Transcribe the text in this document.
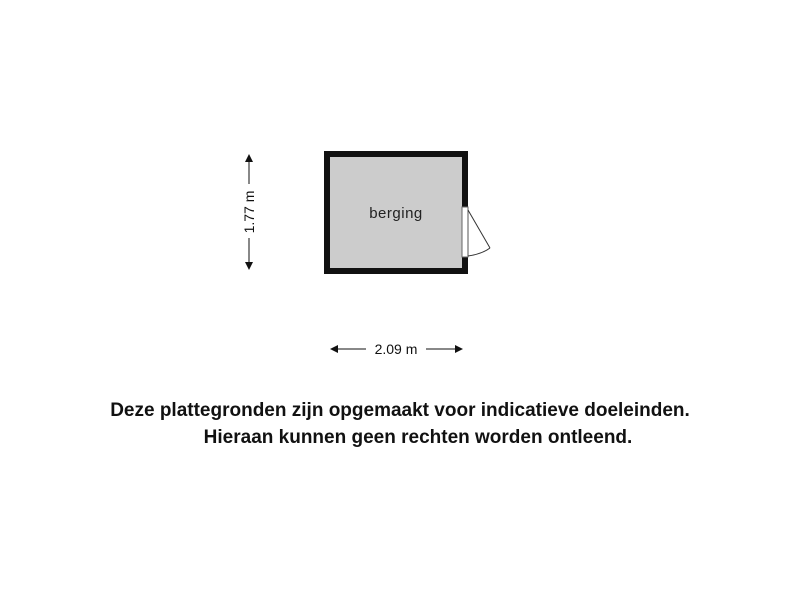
berging
1.77 m
2.09 m
Deze plattegronden zijn opgemaakt voor indicatieve doeleinden.
Hieraan kunnen geen rechten worden ontleend.
